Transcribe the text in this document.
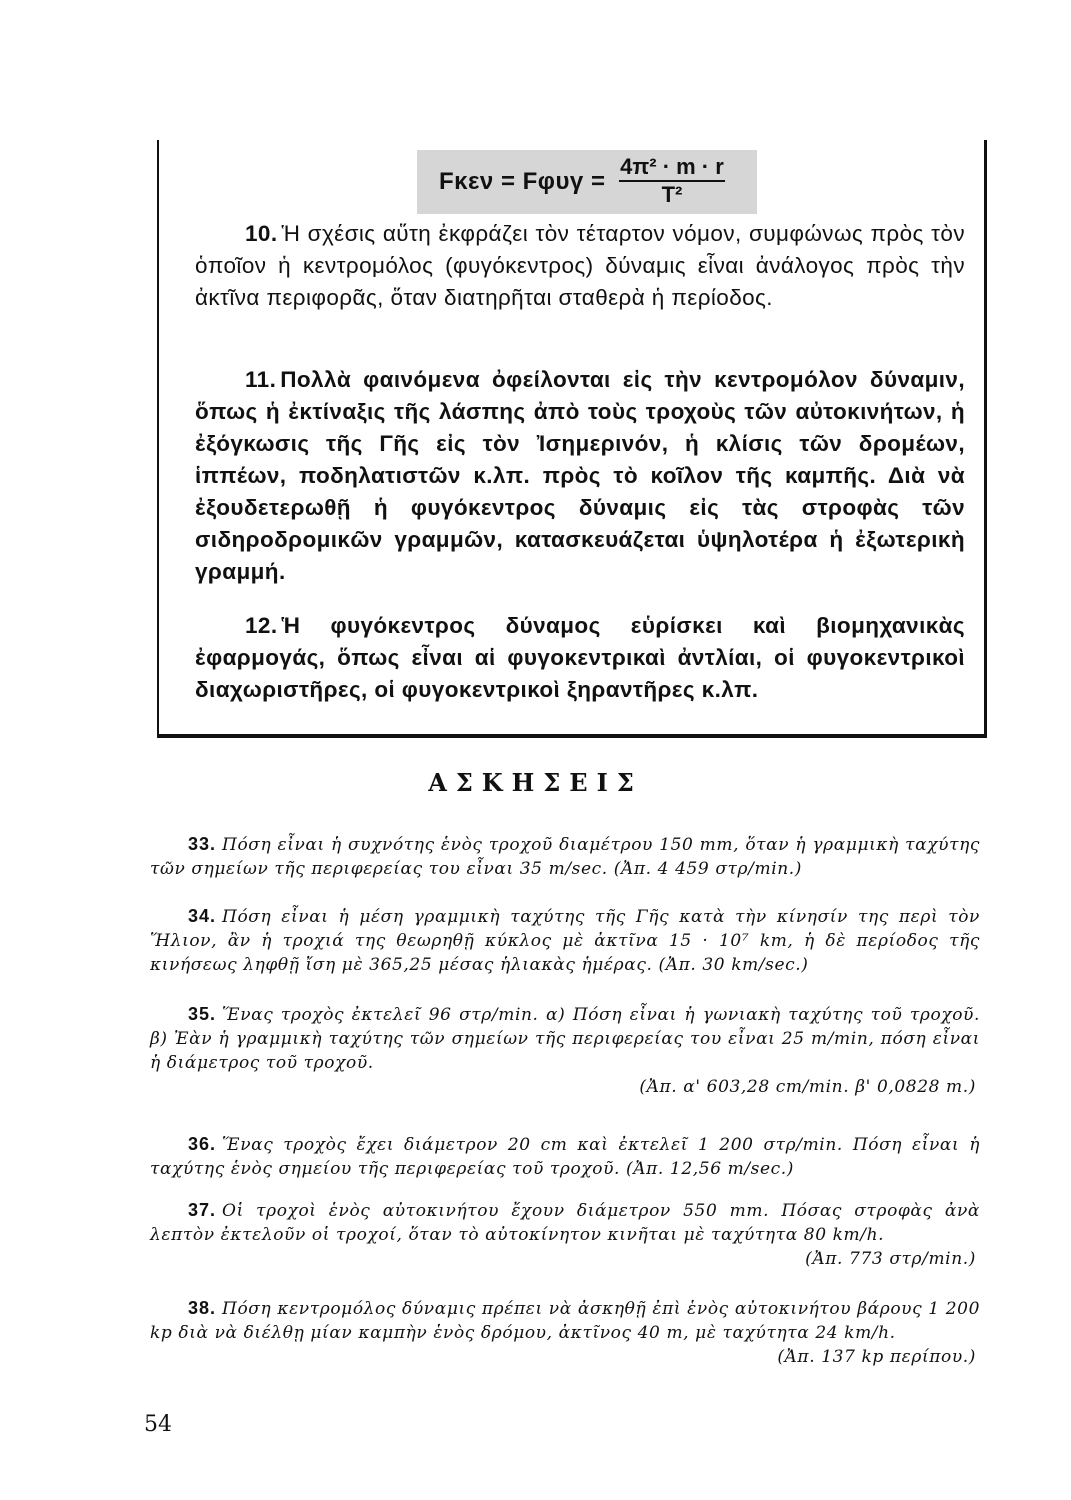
Fκεν = Fφυγ =
4π² · m · r
T²

10. Ἡ σχέσις αὕτη ἐκφράζει τὸν τέταρτον νόμον, συμφώνως πρὸς τὸν ὁποῖον ἡ κεντρομόλος (φυγόκεντρος) δύναμις εἶναι ἀνάλογος πρὸς τὴν ἀκτῖνα περιφορᾶς, ὅταν διατηρῆται σταθερὰ ἡ περίοδος.

11. Πολλὰ φαινόμενα ὀφείλονται εἰς τὴν κεντρομόλον δύναμιν, ὅπως ἡ ἐκτίναξις τῆς λάσπης ἀπὸ τοὺς τροχοὺς τῶν αὐτοκινήτων, ἡ ἐξόγκωσις τῆς Γῆς εἰς τὸν Ἰσημερινόν, ἡ κλίσις τῶν δρομέων, ἱππέων, ποδηλατιστῶν κ.λπ. πρὸς τὸ κοῖλον τῆς καμπῆς. Διὰ νὰ ἐξουδετερωθῇ ἡ φυγόκεντρος δύναμις εἰς τὰς στροφὰς τῶν σιδηροδρομικῶν γραμμῶν, κατασκευάζεται ὑψηλοτέρα ἡ ἐξωτερικὴ γραμμή.

12. Ἡ φυγόκεντρος δύναμος εὑρίσκει καὶ βιομηχανικὰς ἐφαρμογάς, ὅπως εἶναι αἱ φυγοκεντρικαὶ ἀντλίαι, οἱ φυγοκεντρικοὶ διαχωριστῆρες, οἱ φυγοκεντρικοὶ ξηραντῆρες κ.λπ.

ΑΣΚΗΣΕΙΣ

33. Πόση εἶναι ἡ συχνότης ἑνὸς τροχοῦ διαμέτρου 150 mm, ὅταν ἡ γραμμικὴ ταχύτης τῶν σημείων τῆς περιφερείας του εἶναι 35 m/sec. (Ἀπ. 4 459 στρ/min.)

34. Πόση εἶναι ἡ μέση γραμμικὴ ταχύτης τῆς Γῆς κατὰ τὴν κίνησίν της περὶ τὸν Ἥλιον, ἂν ἡ τροχιά της θεωρηθῇ κύκλος μὲ ἀκτῖνα 15 · 10⁷ km, ἡ δὲ περίοδος τῆς κινήσεως ληφθῇ ἴση μὲ 365,25 μέσας ἡλιακὰς ἡμέρας. (Ἀπ. 30 km/sec.)

35. Ἕνας τροχὸς ἐκτελεῖ 96 στρ/min. α) Πόση εἶναι ἡ γωνιακὴ ταχύτης τοῦ τροχοῦ. β) Ἐὰν ἡ γραμμικὴ ταχύτης τῶν σημείων τῆς περιφερείας του εἶναι 25 m/min, πόση εἶναι ἡ διάμετρος τοῦ τροχοῦ.
(Ἀπ. α' 603,28 cm/min. β' 0,0828 m.)

36. Ἕνας τροχὸς ἔχει διάμετρον 20 cm καὶ ἐκτελεῖ 1 200 στρ/min. Πόση εἶναι ἡ ταχύτης ἑνὸς σημείου τῆς περιφερείας τοῦ τροχοῦ. (Ἀπ. 12,56 m/sec.)

37. Οἱ τροχοὶ ἑνὸς αὐτοκινήτου ἔχουν διάμετρον 550 mm. Πόσας στροφὰς ἀνὰ λεπτὸν ἐκτελοῦν οἱ τροχοί, ὅταν τὸ αὐτοκίνητον κινῆται μὲ ταχύτητα 80 km/h.
(Ἀπ. 773 στρ/min.)

38. Πόση κεντρομόλος δύναμις πρέπει νὰ ἀσκηθῇ ἐπὶ ἑνὸς αὐτοκινήτου βάρους 1 200 kp διὰ νὰ διέλθῃ μίαν καμπὴν ἑνὸς δρόμου, ἀκτῖνος 40 m, μὲ ταχύτητα 24 km/h.
(Ἀπ. 137 kp περίπου.)

54
